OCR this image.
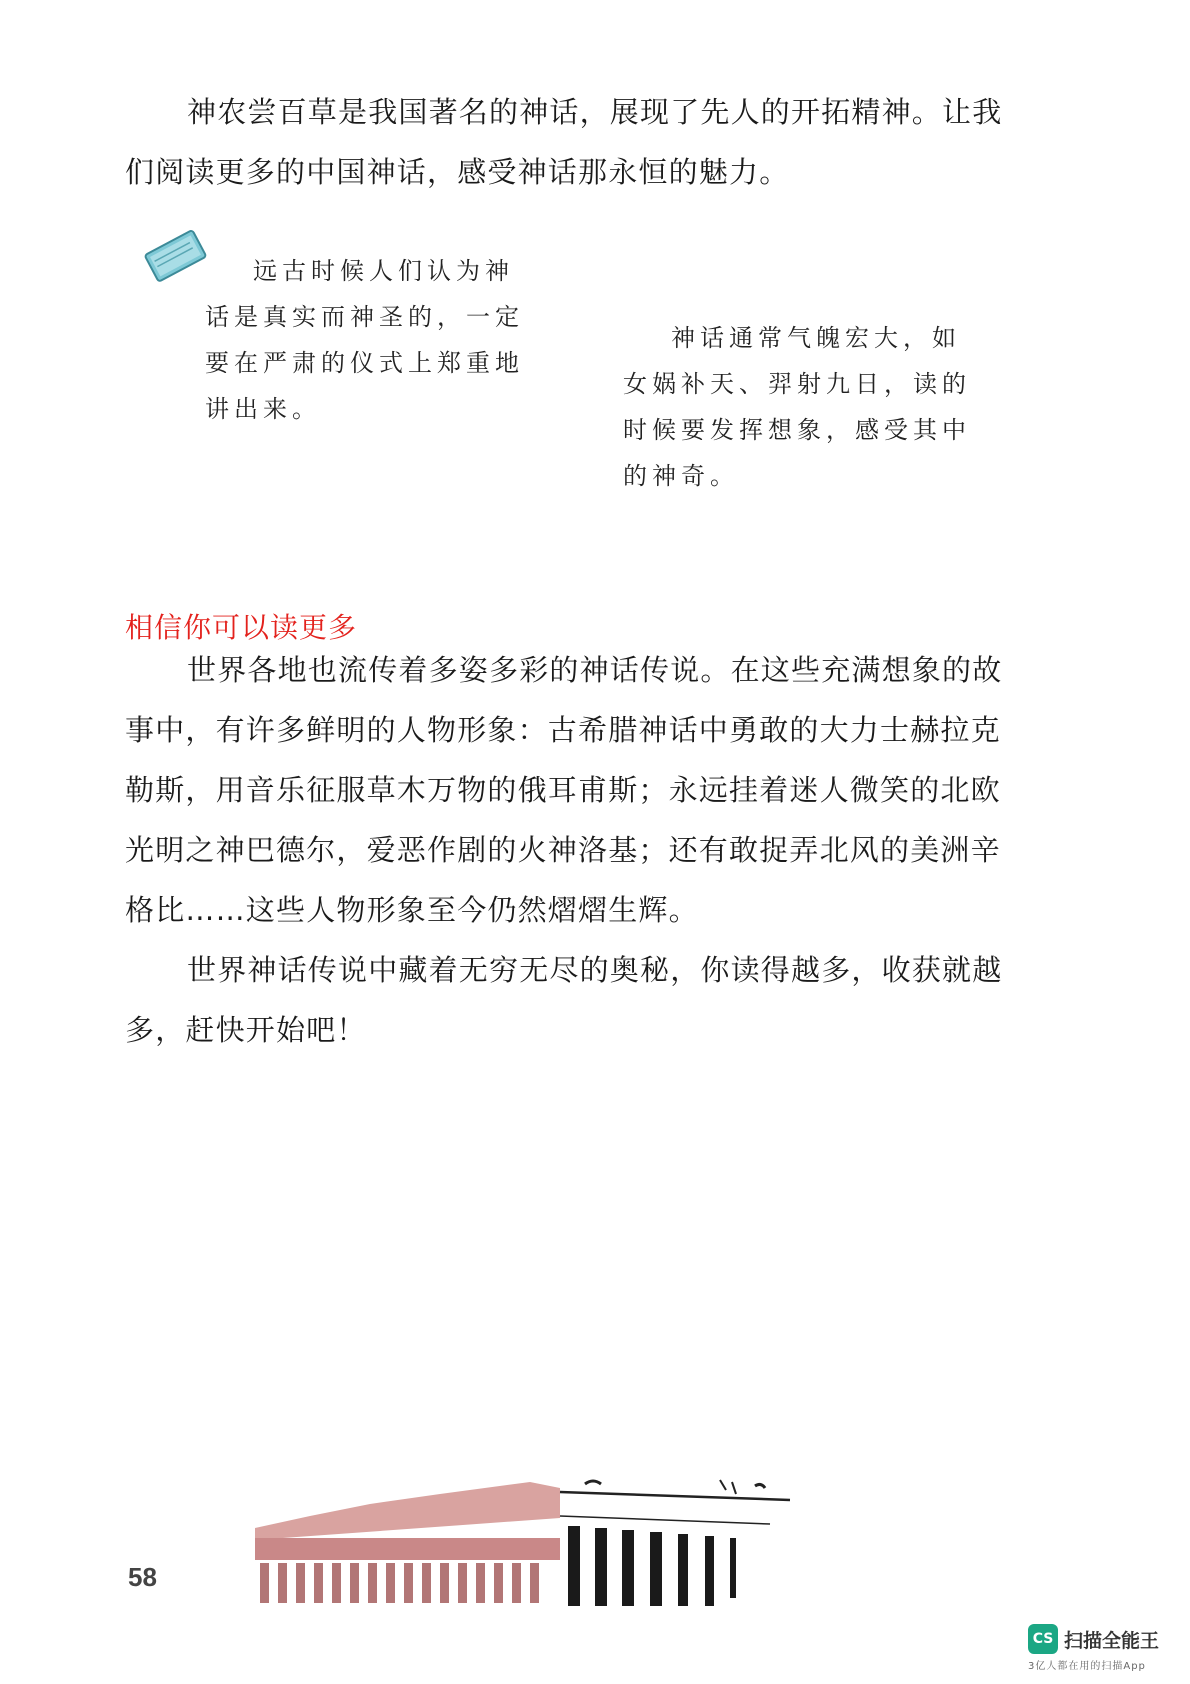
神农尝百草是我国著名的神话，展现了先人的开拓精神。让我
们阅读更多的中国神话，感受神话那永恒的魅力。
远古时候人们认为神
话是真实而神圣的，一定
要在严肃的仪式上郑重地
讲出来。
神话通常气魄宏大，如
女娲补天、羿射九日，读的
时候要发挥想象，感受其中
的神奇。
相信你可以读更多
世界各地也流传着多姿多彩的神话传说。在这些充满想象的故
事中，有许多鲜明的人物形象：古希腊神话中勇敢的大力士赫拉克
勒斯，用音乐征服草木万物的俄耳甫斯；永远挂着迷人微笑的北欧
光明之神巴德尔，爱恶作剧的火神洛基；还有敢捉弄北风的美洲辛
格比……这些人物形象至今仍然熠熠生辉。
世界神话传说中藏着无穷无尽的奥秘，你读得越多，收获就越
多，赶快开始吧！
58
CS 扫描全能王
3亿人都在用的扫描App
